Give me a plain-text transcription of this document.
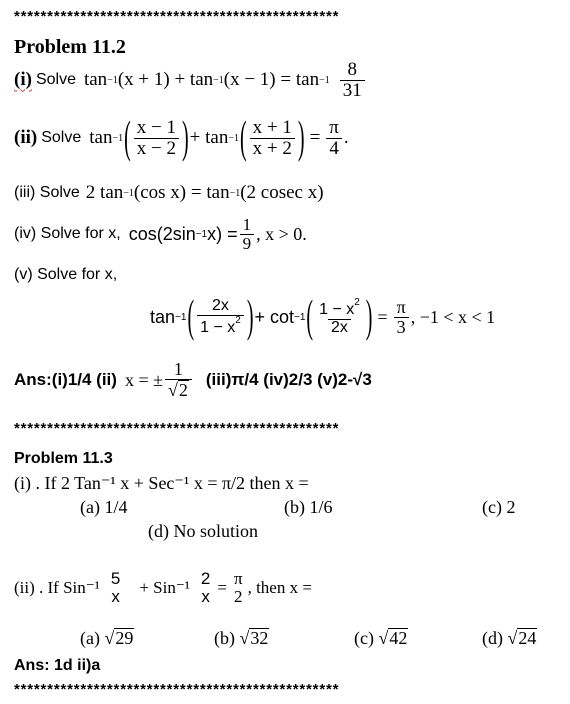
*************************************************
*************************************************
*************************************************
Problem 11.2
(i) Solve tan −1 (x + 1) + tan −1 $(x - 1) = \tan -1 \frac{8}{31}$
(ii) Solve tan −1 ( $\frac{x - 1}{x - 2}$ ) + tan −1 ( $\frac{x + 1}{x + 2}$ ) = $\frac{\pi}{4}$ .
(iii) Solve 2 tan −1 (cos x) = tan −1 (2 cosec x)
(iv) Solve for x, cos(2sin −1 $x) = \frac{1}{9}$ , x > 0.
(v) Solve for x,
tan −1 ( $\frac{2x}{1 - x^2}$ ) + cot −1 ( $\frac{1 - x^2}{2x}$ ) = $\frac{\pi}{3}$ , −1 < x < 1
Ans:(i)1/4 (ii) x = ± $\frac{1}{√2} (iii)\pi/4$ (iv)2/3 (v)2-√3
Problem 11.3
(i) . If 2 Tan⁻¹ x + Sec⁻¹ x = π/2 then x =
(a) 1/4	(b) 1/6	(c) 2
(d) No solution
(ii) . If Sin⁻¹ 5
x + Sin⁻¹ 2
x = π
2 , then x =
(a) √29	(b) √32	(c) √42	(d) √24
Ans: 1d ii)a
